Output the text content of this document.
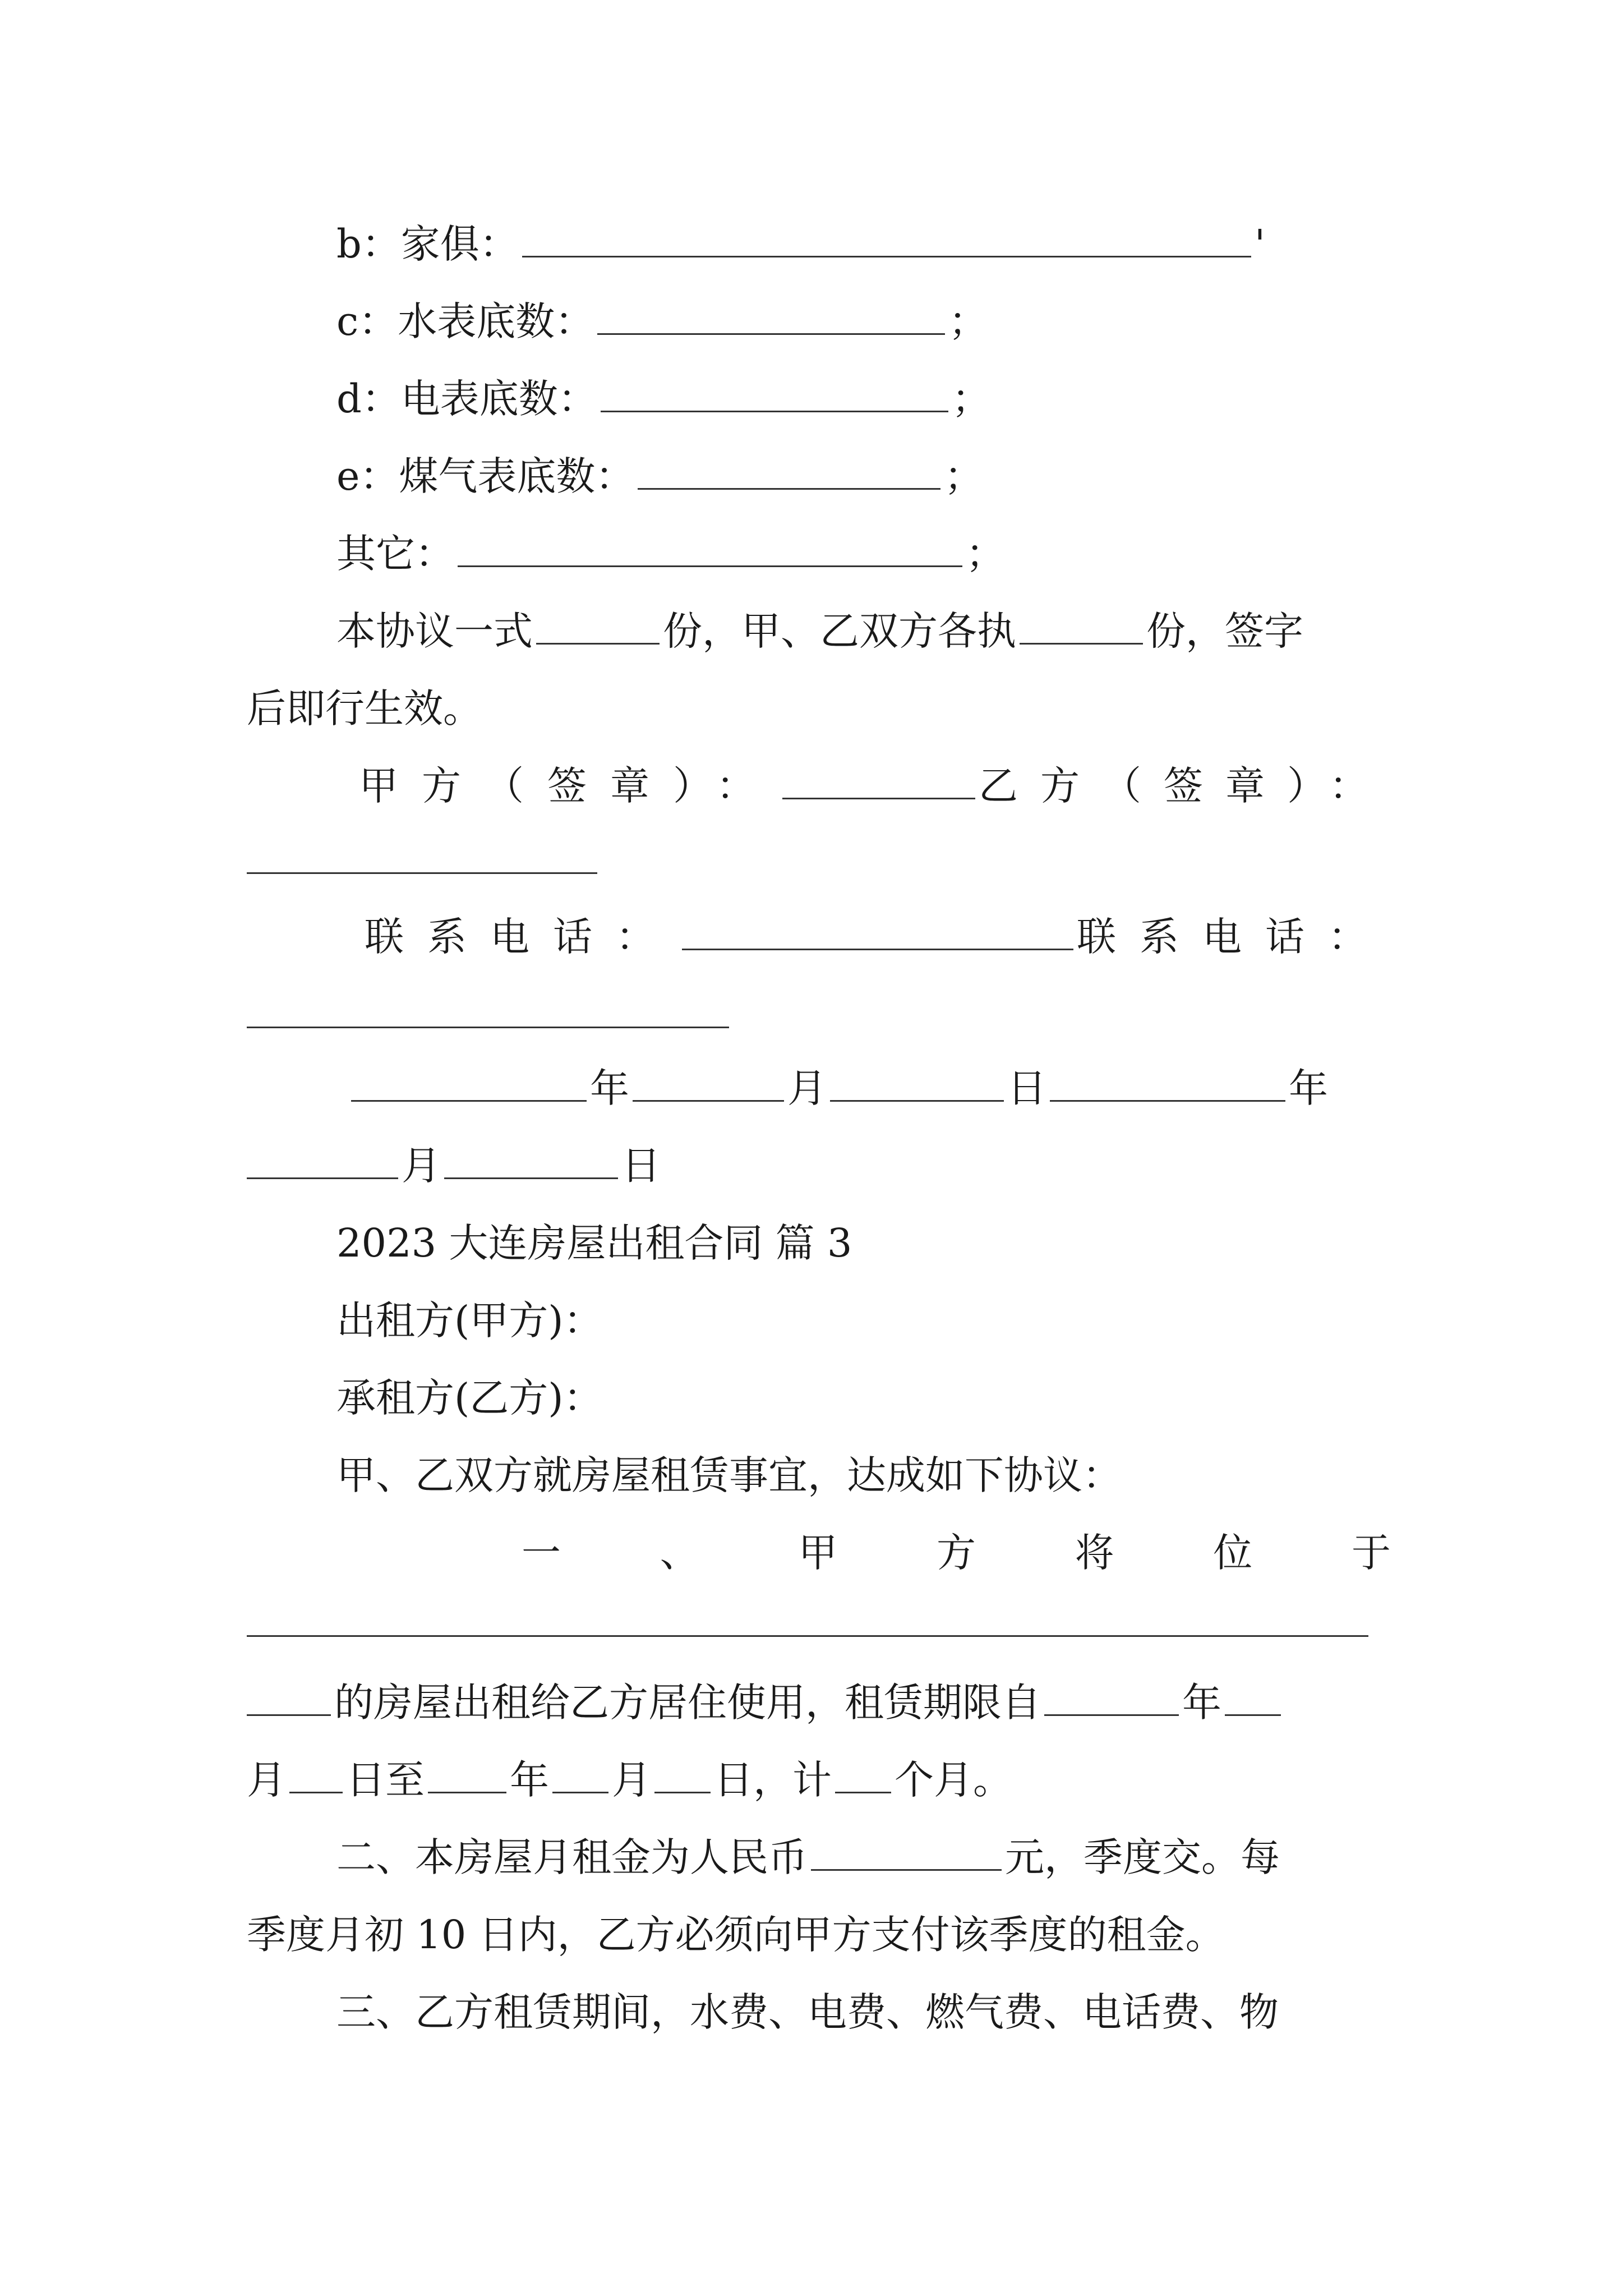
b：家俱：	'
c：水表底数：	；
d：电表底数：	；
e：煤气表底数：	；
其它：	；
本协议一式	份，甲、乙双方各执	份，签字
后即行生效。
甲方（签章）：	乙方（签章）：
联系电话：	联系电话：
年	月	日	年
月	日
2023 大连房屋出租合同 篇 3
出租方(甲方)：
承租方(乙方)：
甲、乙双方就房屋租赁事宜，达成如下协议：
一	、	甲	方	将	位	于
的房屋出租给乙方居住使用，租赁期限自	年
月 日至 年 月 日，计 个月。
二、本房屋月租金为人民币	元，季度交。每
季度月初 10 日内，乙方必须向甲方支付该季度的租金。
三、乙方租赁期间，水费、电费、燃气费、电话费、物
